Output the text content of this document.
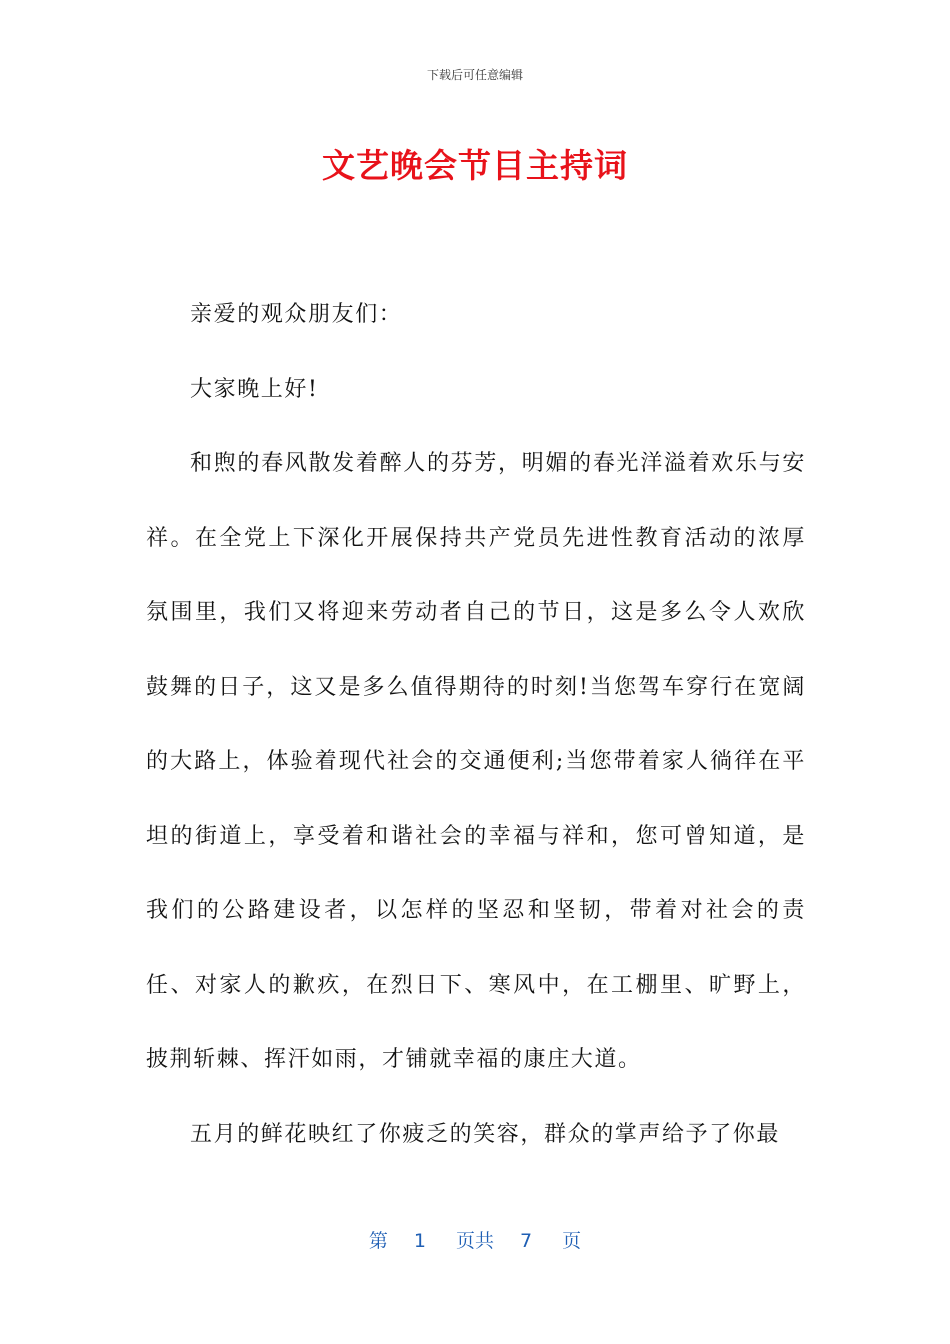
下载后可任意编辑
文艺晚会节目主持词

亲爱的观众朋友们：

大家晚上好!

和煦的春风散发着醉人的芬芳，明媚的春光洋溢着欢乐与安祥。在全党上下深化开展保持共产党员先进性教育活动的浓厚氛围里，我们又将迎来劳动者自己的节日，这是多么令人欢欣鼓舞的日子，这又是多么值得期待的时刻!当您驾车穿行在宽阔的大路上，体验着现代社会的交通便利;当您带着家人徜徉在平坦的街道上，享受着和谐社会的幸福与祥和，您可曾知道，是我们的公路建设者，以怎样的坚忍和坚韧，带着对社会的责任、对家人的歉疚，在烈日下、寒风中，在工棚里、旷野上，披荆斩棘、挥汗如雨，才铺就幸福的康庄大道。

五月的鲜花映红了你疲乏的笑容，群众的掌声给予了你最

第 1 页共 7 页
